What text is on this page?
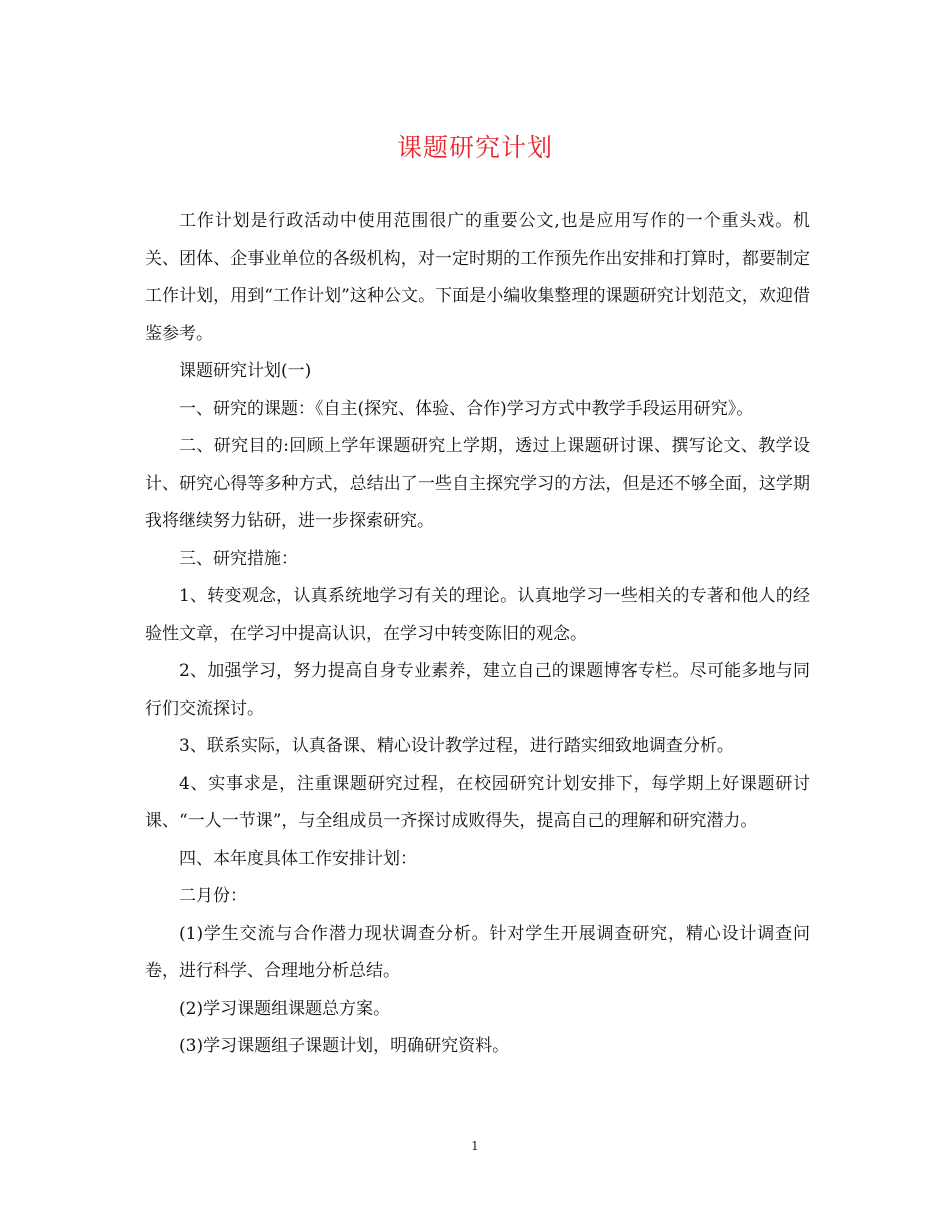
课题研究计划

工作计划是行政活动中使用范围很广的重要公文,也是应用写作的一个重头戏。机关、团体、企事业单位的各级机构，对一定时期的工作预先作出安排和打算时，都要制定工作计划，用到“工作计划”这种公文。下面是小编收集整理的课题研究计划范文，欢迎借鉴参考。

课题研究计划(一)

一、研究的课题：《自主(探究、体验、合作)学习方式中教学手段运用研究》。

二、研究目的:回顾上学年课题研究上学期，透过上课题研讨课、撰写论文、教学设计、研究心得等多种方式，总结出了一些自主探究学习的方法，但是还不够全面，这学期我将继续努力钻研，进一步探索研究。

三、研究措施：

1、转变观念，认真系统地学习有关的理论。认真地学习一些相关的专著和他人的经验性文章，在学习中提高认识，在学习中转变陈旧的观念。

2、加强学习，努力提高自身专业素养，建立自己的课题博客专栏。尽可能多地与同行们交流探讨。

3、联系实际，认真备课、精心设计教学过程，进行踏实细致地调查分析。

4、实事求是，注重课题研究过程，在校园研究计划安排下，每学期上好课题研讨课、“一人一节课”，与全组成员一齐探讨成败得失，提高自己的理解和研究潜力。

四、本年度具体工作安排计划：

二月份：

(1)学生交流与合作潜力现状调查分析。针对学生开展调查研究，精心设计调查问卷，进行科学、合理地分析总结。

(2)学习课题组课题总方案。

(3)学习课题组子课题计划，明确研究资料。

1
